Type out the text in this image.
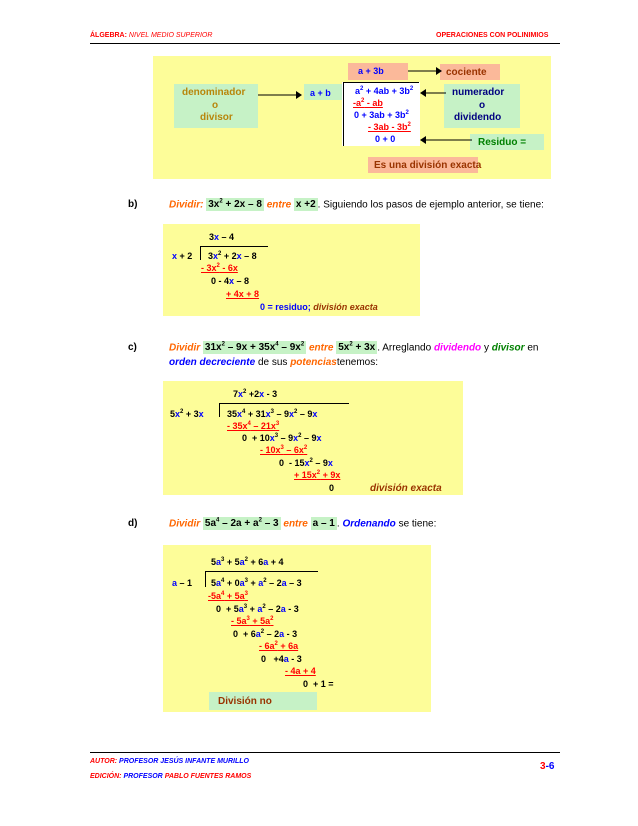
ÁLGEBRA: NIVEL MEDIO SUPERIOR	OPERACIONES CON POLINIMIOS
a + 3b	cociente
denominador
o
divisor
a + b	$a^2 + 4ab + 3b^2$
$-a^2$ - ab
$0 + 3ab + 3b^2$
- $3ab - 3b^2$
0 + 0
numerador
o
dividendo
Residuo =
Es una división exacta
b)	Dividir: $3x^2 + 2x - 8$ entre x +2 . Siguiendo los pasos de ejemplo anterior, se tiene:
3x – 4
x + 2 $3x^2 + 2x - 8$
- $3x^2 - 6x$
0 - 4x – 8
+ 4x + 8
0 = residuo; división exacta
c)	Dividir $31x^2 - 9x + 35x^4 - 9x^2$ entre $5x^2 + 3x$ . Arreglando dividendo y divisor en
orden decreciente de sus potenciastenemos:
$7x^2 +2x - 3$
$5x^2 + 3x$	$35x^4 + 31x^3 - 9x^2 - 9x$
- $35x^4 - 21x^3$
$0 + 10x^3 - 9x^2 - 9x$
- $10x^3 - 6x^2$
$0 - 15x^2 - 9x$
+ $15x^2 + 9x$
0	división exacta
d)	Dividir $5a^4 - 2a + a^2 - 3$ entre a – 1 . Ordenando se tiene:
$5a^3 + 5a^2 + 6a + 4$
a – 1 $5a^4 + 0a^3 + a^2 - 2a - 3$
$-5a^4 + 5a^3$
$0 + 5a^3 + a^2 - 2a - 3$
- $5a^3 + 5a^2$
$0 + 6a^2 - 2a - 3$
- $6a^2 + 6a$
0   +4a - 3
- 4a + 4
0  + 1 =
División no
AUTOR: PROFESOR JESÚS INFANTE MURILLO
EDICIÓN: PROFESOR PABLO FUENTES RAMOS
3-6
